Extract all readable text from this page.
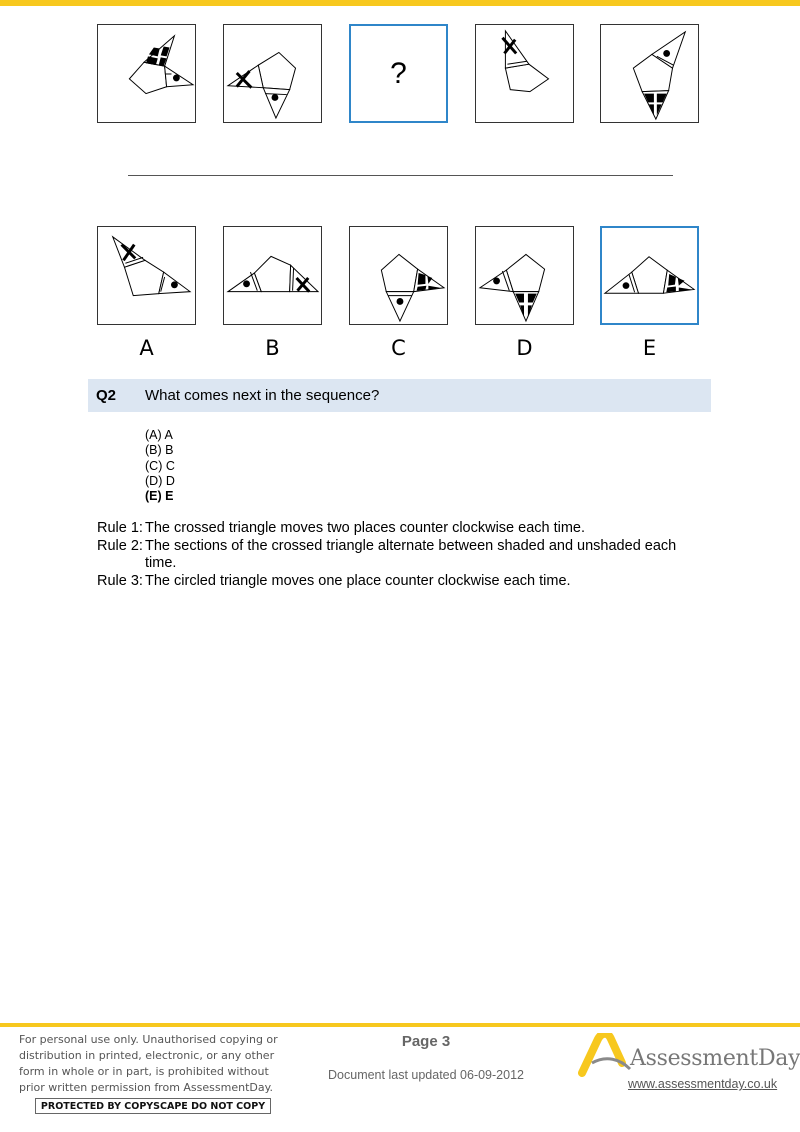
?
A	B	C	D	E
Q2 What comes next in the sequence?
(A) A
(B) B
(C) C
(D) D
(E) E
Rule 1: The crossed triangle moves two places counter clockwise each time.
Rule 2: The sections of the crossed triangle alternate between shaded and unshaded each time.
Rule 3: The circled triangle moves one place counter clockwise each time.
For personal use only. Unauthorised copying or distribution in printed, electronic, or any other form in whole or in part, is prohibited without prior written permission from AssessmentDay.
PROTECTED BY COPYSCAPE DO NOT COPY
Page 3
Document last updated 06-09-2012
AssessmentDay
www.assessmentday.co.uk
